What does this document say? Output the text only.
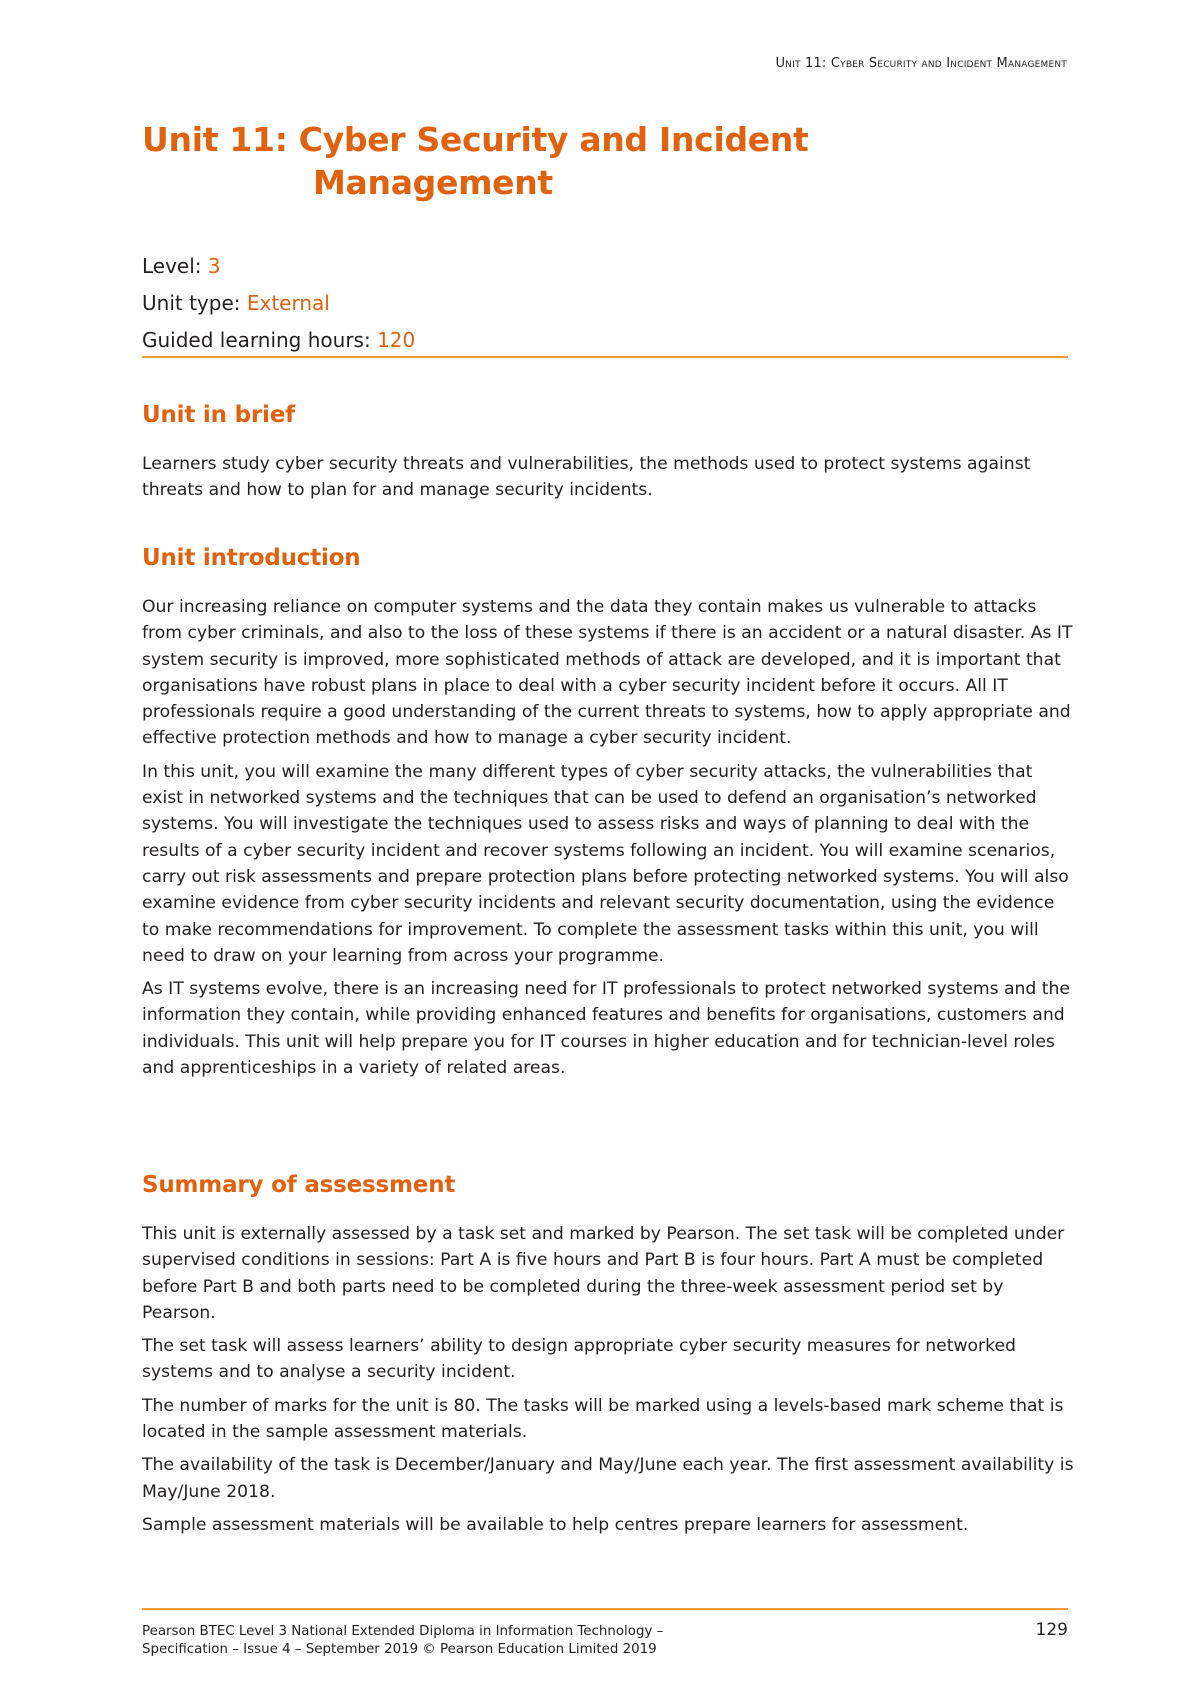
Unit 11: Cyber Security and Incident Management
Unit 11: Cyber Security and Incident
Management
Level: 3
Unit type: External
Guided learning hours: 120
Unit in brief

Learners study cyber security threats and vulnerabilities, the methods used to protect systems against threats and how to plan for and manage security incidents.

Unit introduction

Our increasing reliance on computer systems and the data they contain makes us vulnerable to attacks from cyber criminals, and also to the loss of these systems if there is an accident or a natural disaster. As IT system security is improved, more sophisticated methods of attack are developed, and it is important that organisations have robust plans in place to deal with a cyber security incident before it occurs. All IT professionals require a good understanding of the current threats to systems, how to apply appropriate and effective protection methods and how to manage a cyber security incident.

In this unit, you will examine the many different types of cyber security attacks, the vulnerabilities that exist in networked systems and the techniques that can be used to defend an organisation’s networked systems. You will investigate the techniques used to assess risks and ways of planning to deal with the results of a cyber security incident and recover systems following an incident. You will examine scenarios, carry out risk assessments and prepare protection plans before protecting networked systems. You will also examine evidence from cyber security incidents and relevant security documentation, using the evidence to make recommendations for improvement. To complete the assessment tasks within this unit, you will need to draw on your learning from across your programme.

As IT systems evolve, there is an increasing need for IT professionals to protect networked systems and the information they contain, while providing enhanced features and benefits for organisations, customers and individuals. This unit will help prepare you for IT courses in higher education and for technician-level roles and apprenticeships in a variety of related areas.

Summary of assessment

This unit is externally assessed by a task set and marked by Pearson. The set task will be completed under supervised conditions in sessions: Part A is five hours and Part B is four hours. Part A must be completed before Part B and both parts need to be completed during the three-week assessment period set by Pearson.

The set task will assess learners’ ability to design appropriate cyber security measures for networked systems and to analyse a security incident.

The number of marks for the unit is 80. The tasks will be marked using a levels-based mark scheme that is located in the sample assessment materials.

The availability of the task is December/January and May/June each year. The first assessment availability is May/June 2018.

Sample assessment materials will be available to help centres prepare learners for assessment.

Pearson BTEC Level 3 National Extended Diploma in Information Technology –
Specification – Issue 4 – September 2019 © Pearson Education Limited 2019
129
